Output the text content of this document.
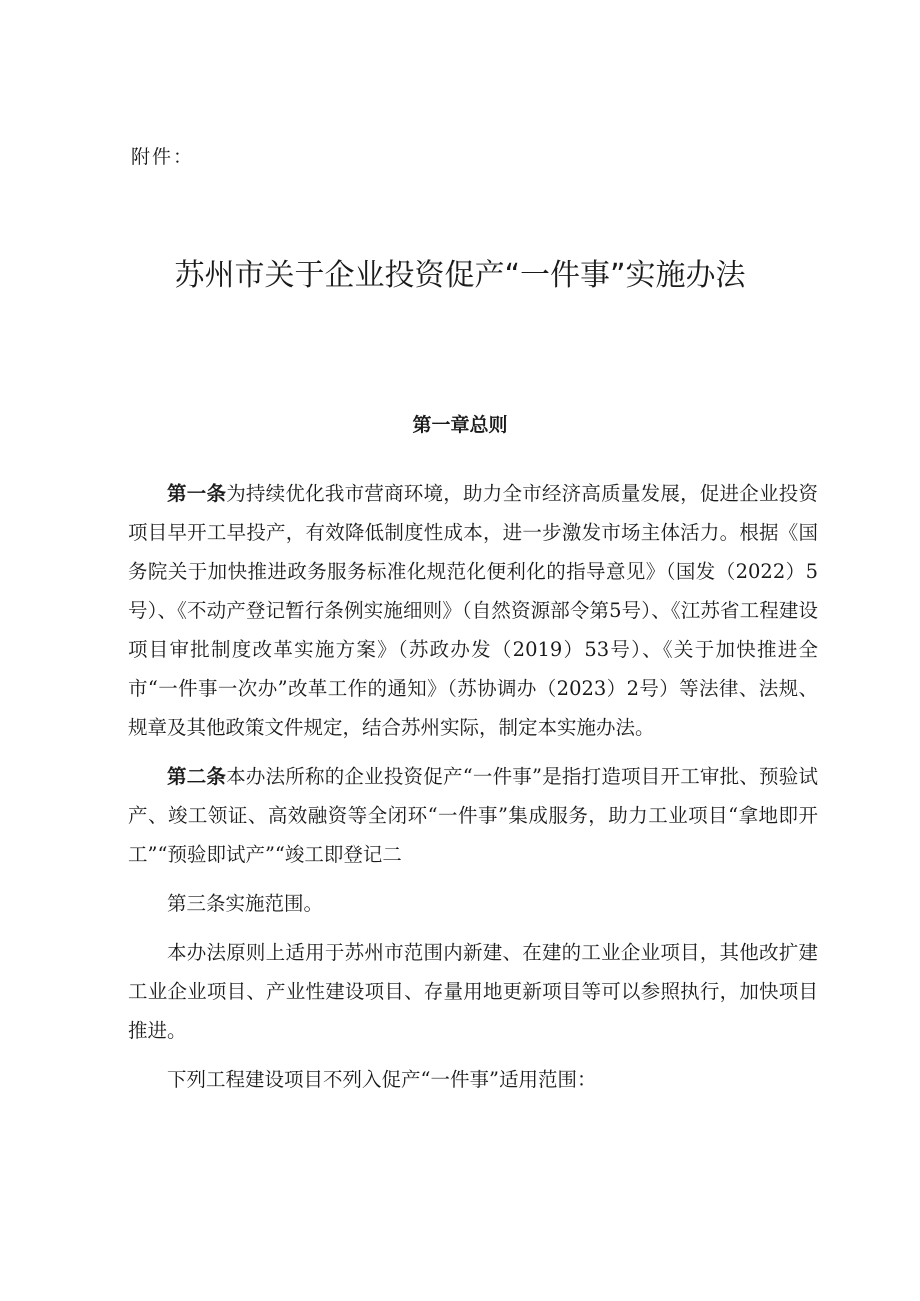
附件：
苏州市关于企业投资促产“一件事”实施办法
第一章总则

第一条为持续优化我市营商环境，助力全市经济高质量发展，促进企业投资项目早开工早投产，有效降低制度性成本，进一步激发市场主体活力。根据《国务院关于加快推进政务服务标准化规范化便利化的指导意见》（国发（2022）5号）、《不动产登记暂行条例实施细则》（自然资源部令第5号）、《江苏省工程建设项目审批制度改革实施方案》（苏政办发（2019）53号）、《关于加快推进全市“一件事一次办”改革工作的通知》（苏协调办（2023）2号）等法律、法规、规章及其他政策文件规定，结合苏州实际，制定本实施办法。

第二条本办法所称的企业投资促产“一件事”是指打造项目开工审批、预验试产、竣工领证、高效融资等全闭环“一件事”集成服务，助力工业项目“拿地即开工”“预验即试产”“竣工即登记二

第三条实施范围。

本办法原则上适用于苏州市范围内新建、在建的工业企业项目，其他改扩建工业企业项目、产业性建设项目、存量用地更新项目等可以参照执行，加快项目推进。

下列工程建设项目不列入促产“一件事”适用范围：
